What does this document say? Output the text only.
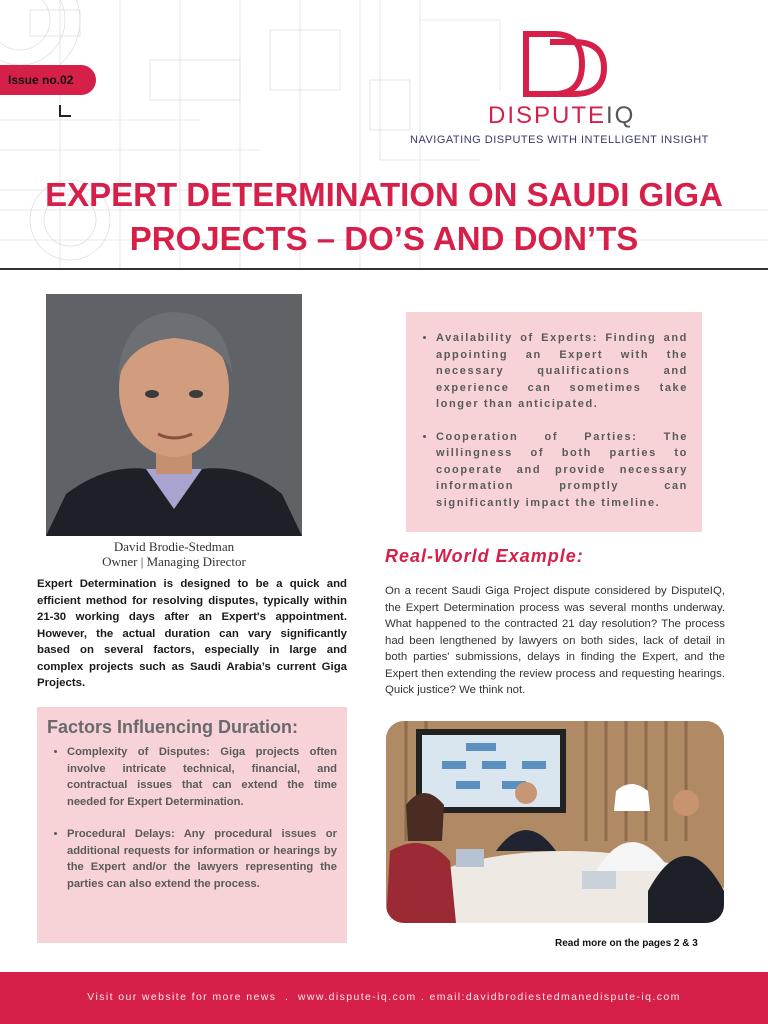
Issue no.02
DISPUTEIQ
NAVIGATING DISPUTES WITH INTELLIGENT INSIGHT
EXPERT DETERMINATION ON SAUDI GIGA PROJECTS – DO’S AND DON’TS
David Brodie-Stedman
Owner | Managing Director

Expert Determination is designed to be a quick and efficient method for resolving disputes, typically within 21-30 working days after an Expert's appointment. However, the actual duration can vary significantly based on several factors, especially in large and complex projects such as Saudi Arabia’s current Giga Projects.

Factors Influencing Duration:
• Complexity of Disputes: Giga projects often involve intricate technical, financial, and contractual issues that can extend the time needed for Expert Determination.
• Procedural Delays: Any procedural issues or additional requests for information or hearings by the Expert and/or the lawyers representing the parties can also extend the process.
• Availability of Experts: Finding and appointing an Expert with the necessary qualifications and experience can sometimes take longer than anticipated.
• Cooperation of Parties: The willingness of both parties to cooperate and provide necessary information promptly can significantly impact the timeline.
Real-World Example:

On a recent Saudi Giga Project dispute considered by DisputeIQ, the Expert Determination process was several months underway. What happened to the contracted 21 day resolution? The process had been lengthened by lawyers on both sides, lack of detail in both parties' submissions, delays in finding the Expert, and the Expert then extending the review process and requesting hearings. Quick justice? We think not.

Read more on the pages 2 & 3
Visit our website for more news  .  www.dispute-iq.com . email:davidbrodiestedmanedispute-iq.com
